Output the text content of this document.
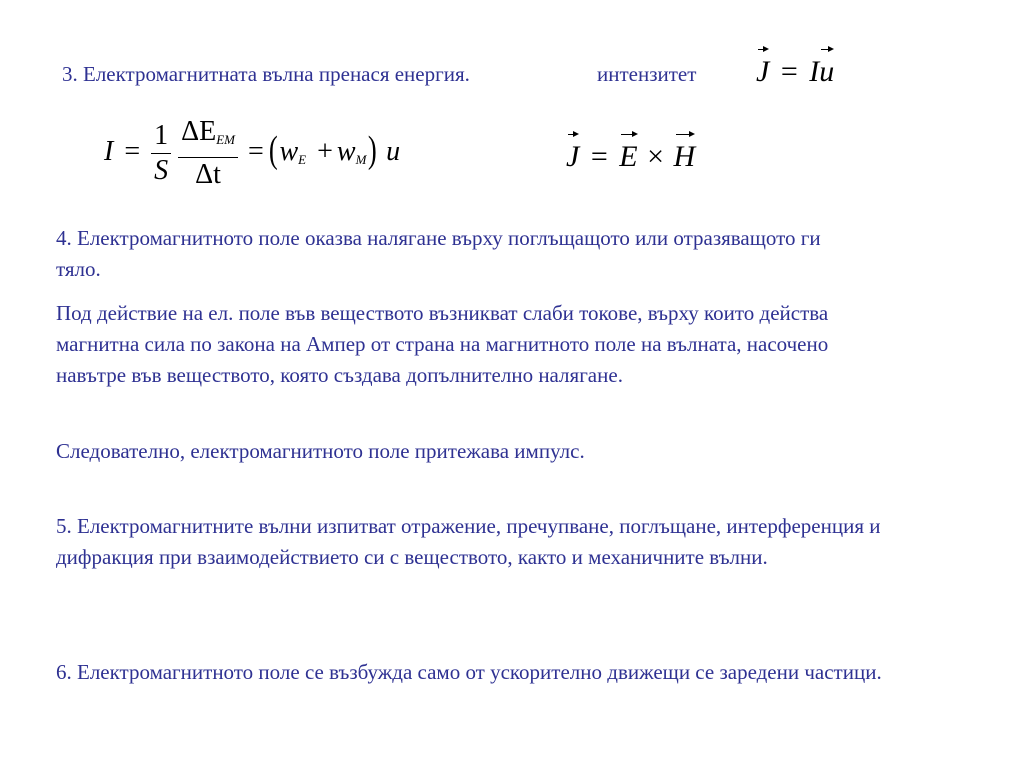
3. Електромагнитната вълна пренася енергия.	интензитет J = I
u
$I = \frac{1}{S}$
$\frac{\Delta E_{EM}}{\Delta t} = (w_E + w_M)$ u	J = E × H
4. Електромагнитното поле оказва налягане върху поглъщащото или отразяващото ги тяло.
Под действие на ел. поле във веществото възникват слаби токове, върху които действа магнитна сила по закона на Ампер от страна на магнитното поле на вълната, насочено навътре във веществото, която създава допълнително налягане.
Следователно, електромагнитното поле притежава импулс.
5. Електромагнитните вълни изпитват отражение, пречупване, поглъщане, интерференция и дифракция при взаимодействието си с веществото, както и механичните вълни.
6. Електромагнитното поле се възбужда само от ускорително движещи се заредени частици.
